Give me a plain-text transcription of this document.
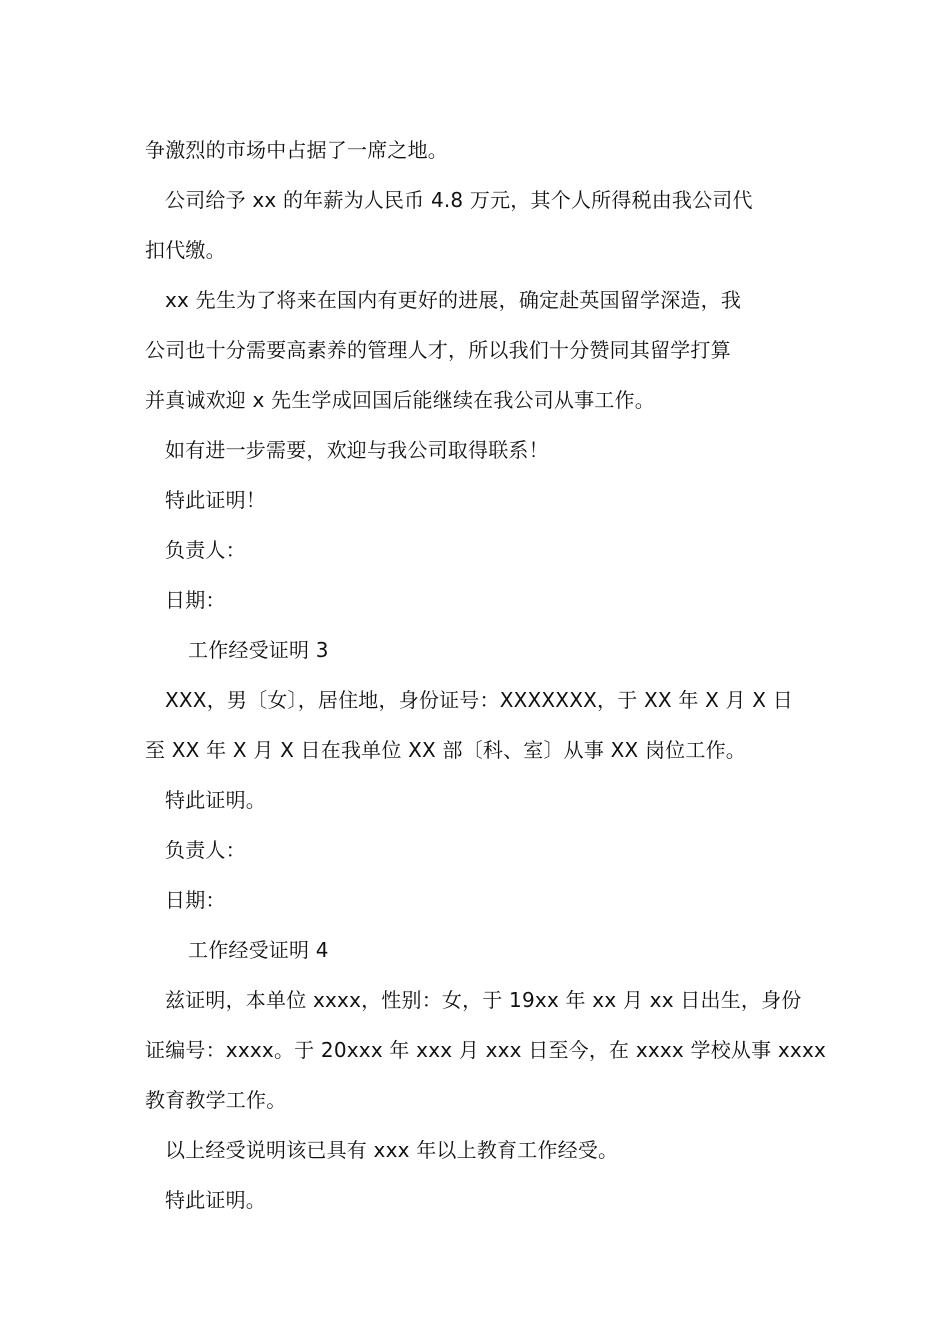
争激烈的市场中占据了一席之地。
公司给予 xx 的年薪为人民币 4.8 万元，其个人所得税由我公司代
扣代缴。
xx 先生为了将来在国内有更好的进展，确定赴英国留学深造，我
公司也十分需要高素养的管理人才，所以我们十分赞同其留学打算
并真诚欢迎 x 先生学成回国后能继续在我公司从事工作。
如有进一步需要，欢迎与我公司取得联系！
特此证明！
负责人：
日期：
工作经受证明 3
XXX，男〔女〕，居住地，身份证号：XXXXXXX，于 XX 年 X 月 X 日
至 XX 年 X 月 X 日在我单位 XX 部〔科、室〕从事 XX 岗位工作。
特此证明。
负责人：
日期：
工作经受证明 4
兹证明，本单位 xxxx，性别：女，于 19xx 年 xx 月 xx 日出生，身份
证编号：xxxx。于 20xxx 年 xxx 月 xxx 日至今，在 xxxx 学校从事 xxxx
教育教学工作。
以上经受说明该已具有 xxx 年以上教育工作经受。
特此证明。
